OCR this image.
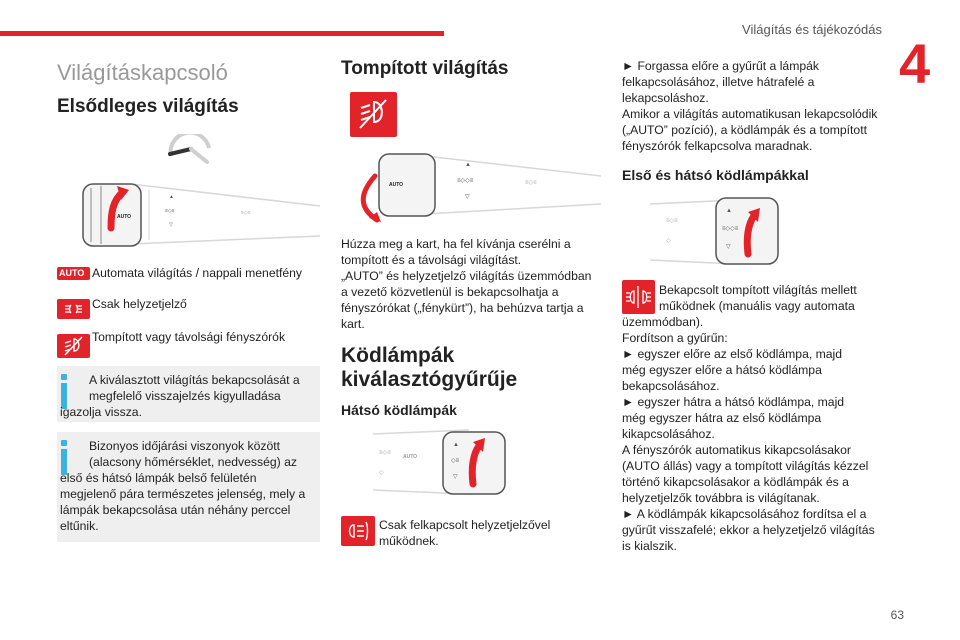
Világítás és tájékozódás
4
Világításkapcsoló
Elsődleges világítás
▲
≡◇≡
▽
≡◇≡
AUTO
AUTO Automata világítás / nappali menetfény
Csak helyzetjelző
Tompított vagy távolsági fényszórók
A kiválasztott világítás bekapcsolását a
megfelelő visszajelzés kigyulladása
igazolja vissza.
Bizonyos időjárási viszonyok között
(alacsony hőmérséklet, nedvesség) az
első és hátsó lámpák belső felületén
megjelenő pára természetes jelenség, mely a
lámpák bekapcsolása után néhány perccel
eltűnik.
Tompított világítás
▲
≡◇◇≡
▽
≡◇≡
AUTO
Húzza meg a kart, ha fel kívánja cserélni a
tompított és a távolsági világítást.
„AUTO” és helyzetjelző világítás üzemmódban
a vezető közvetlenül is bekapcsolhatja a
fényszórókat („fénykürt”), ha behúzva tartja a
kart.
Ködlámpák
kiválasztógyűrűje
Hátsó ködlámpák
≡◇≡
◇
▲
◇≡
▽
AUTO
Csak felkapcsolt helyzetjelzővel
működnek.
► Forgassa előre a gyűrűt a lámpák
felkapcsolásához, illetve hátrafelé a
lekapcsoláshoz.
Amikor a világítás automatikusan lekapcsolódik
(„AUTO” pozíció), a ködlámpák és a tompított
fényszórók felkapcsolva maradnak.
Első és hátsó ködlámpákkal
≡◇≡
◇
▲
≡◇◇≡
▽
Bekapcsolt tompított világítás mellett
működnek (manuális vagy automata
üzemmódban).
Fordítson a gyűrűn:
► egyszer előre az első ködlámpa, majd
még egyszer előre a hátsó ködlámpa
bekapcsolásához.
► egyszer hátra a hátsó ködlámpa, majd
még egyszer hátra az első ködlámpa
kikapcsolásához.
A fényszórók automatikus kikapcsolásakor
(AUTO állás) vagy a tompított világítás kézzel
történő kikapcsolásakor a ködlámpák és a
helyzetjelzők továbbra is világítanak.
► A ködlámpák kikapcsolásához fordítsa el a
gyűrűt visszafelé; ekkor a helyzetjelző világítás
is kialszik.
63
